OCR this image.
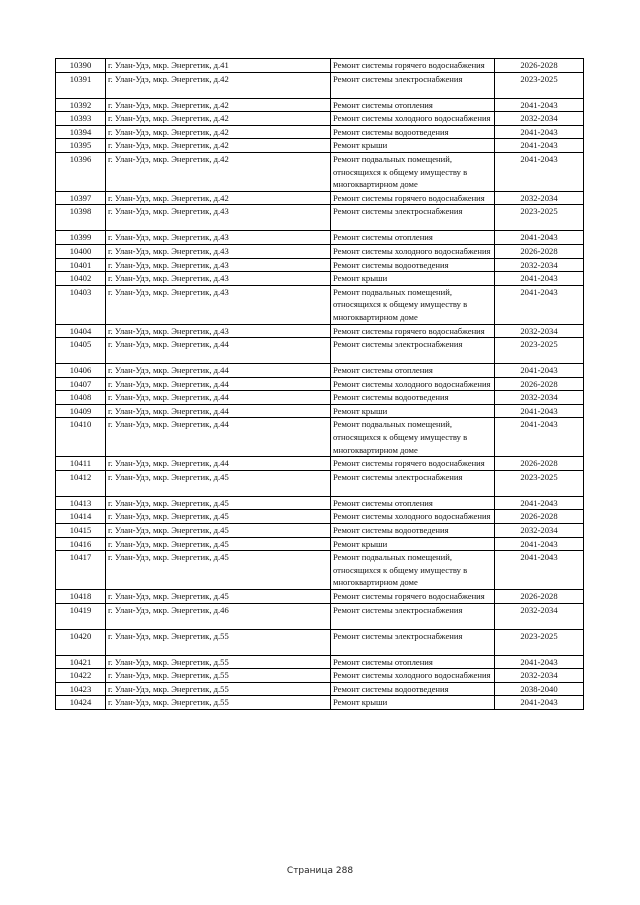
10390	г. Улан-Удэ, мкр. Энергетик, д.41	Ремонт системы горячего водоснабжения	2026-2028
10391	г. Улан-Удэ, мкр. Энергетик, д.42	Ремонт системы электроснабжения	2023-2025
10392	г. Улан-Удэ, мкр. Энергетик, д.42	Ремонт системы отопления	2041-2043
10393	г. Улан-Удэ, мкр. Энергетик, д.42	Ремонт системы холодного водоснабжения	2032-2034
10394	г. Улан-Удэ, мкр. Энергетик, д.42	Ремонт системы водоотведения	2041-2043
10395	г. Улан-Удэ, мкр. Энергетик, д.42	Ремонт крыши	2041-2043
10396	г. Улан-Удэ, мкр. Энергетик, д.42	Ремонт подвальных помещений, относящихся к общему имуществу в многоквартирном доме	2041-2043
10397	г. Улан-Удэ, мкр. Энергетик, д.42	Ремонт системы горячего водоснабжения	2032-2034
10398	г. Улан-Удэ, мкр. Энергетик, д.43	Ремонт системы электроснабжения	2023-2025
10399	г. Улан-Удэ, мкр. Энергетик, д.43	Ремонт системы отопления	2041-2043
10400	г. Улан-Удэ, мкр. Энергетик, д.43	Ремонт системы холодного водоснабжения	2026-2028
10401	г. Улан-Удэ, мкр. Энергетик, д.43	Ремонт системы водоотведения	2032-2034
10402	г. Улан-Удэ, мкр. Энергетик, д.43	Ремонт крыши	2041-2043
10403	г. Улан-Удэ, мкр. Энергетик, д.43	Ремонт подвальных помещений, относящихся к общему имуществу в многоквартирном доме	2041-2043
10404	г. Улан-Удэ, мкр. Энергетик, д.43	Ремонт системы горячего водоснабжения	2032-2034
10405	г. Улан-Удэ, мкр. Энергетик, д.44	Ремонт системы электроснабжения	2023-2025
10406	г. Улан-Удэ, мкр. Энергетик, д.44	Ремонт системы отопления	2041-2043
10407	г. Улан-Удэ, мкр. Энергетик, д.44	Ремонт системы холодного водоснабжения	2026-2028
10408	г. Улан-Удэ, мкр. Энергетик, д.44	Ремонт системы водоотведения	2032-2034
10409	г. Улан-Удэ, мкр. Энергетик, д.44	Ремонт крыши	2041-2043
10410	г. Улан-Удэ, мкр. Энергетик, д.44	Ремонт подвальных помещений, относящихся к общему имуществу в многоквартирном доме	2041-2043
10411	г. Улан-Удэ, мкр. Энергетик, д.44	Ремонт системы горячего водоснабжения	2026-2028
10412	г. Улан-Удэ, мкр. Энергетик, д.45	Ремонт системы электроснабжения	2023-2025
10413	г. Улан-Удэ, мкр. Энергетик, д.45	Ремонт системы отопления	2041-2043
10414	г. Улан-Удэ, мкр. Энергетик, д.45	Ремонт системы холодного водоснабжения	2026-2028
10415	г. Улан-Удэ, мкр. Энергетик, д.45	Ремонт системы водоотведения	2032-2034
10416	г. Улан-Удэ, мкр. Энергетик, д.45	Ремонт крыши	2041-2043
10417	г. Улан-Удэ, мкр. Энергетик, д.45	Ремонт подвальных помещений, относящихся к общему имуществу в многоквартирном доме	2041-2043
10418	г. Улан-Удэ, мкр. Энергетик, д.45	Ремонт системы горячего водоснабжения	2026-2028
10419	г. Улан-Удэ, мкр. Энергетик, д.46	Ремонт системы электроснабжения	2032-2034
10420	г. Улан-Удэ, мкр. Энергетик, д.55	Ремонт системы электроснабжения	2023-2025
10421	г. Улан-Удэ, мкр. Энергетик, д.55	Ремонт системы отопления	2041-2043
10422	г. Улан-Удэ, мкр. Энергетик, д.55	Ремонт системы холодного водоснабжения	2032-2034
10423	г. Улан-Удэ, мкр. Энергетик, д.55	Ремонт системы водоотведения	2038-2040
10424	г. Улан-Удэ, мкр. Энергетик, д.55	Ремонт крыши	2041-2043
Страница 288
